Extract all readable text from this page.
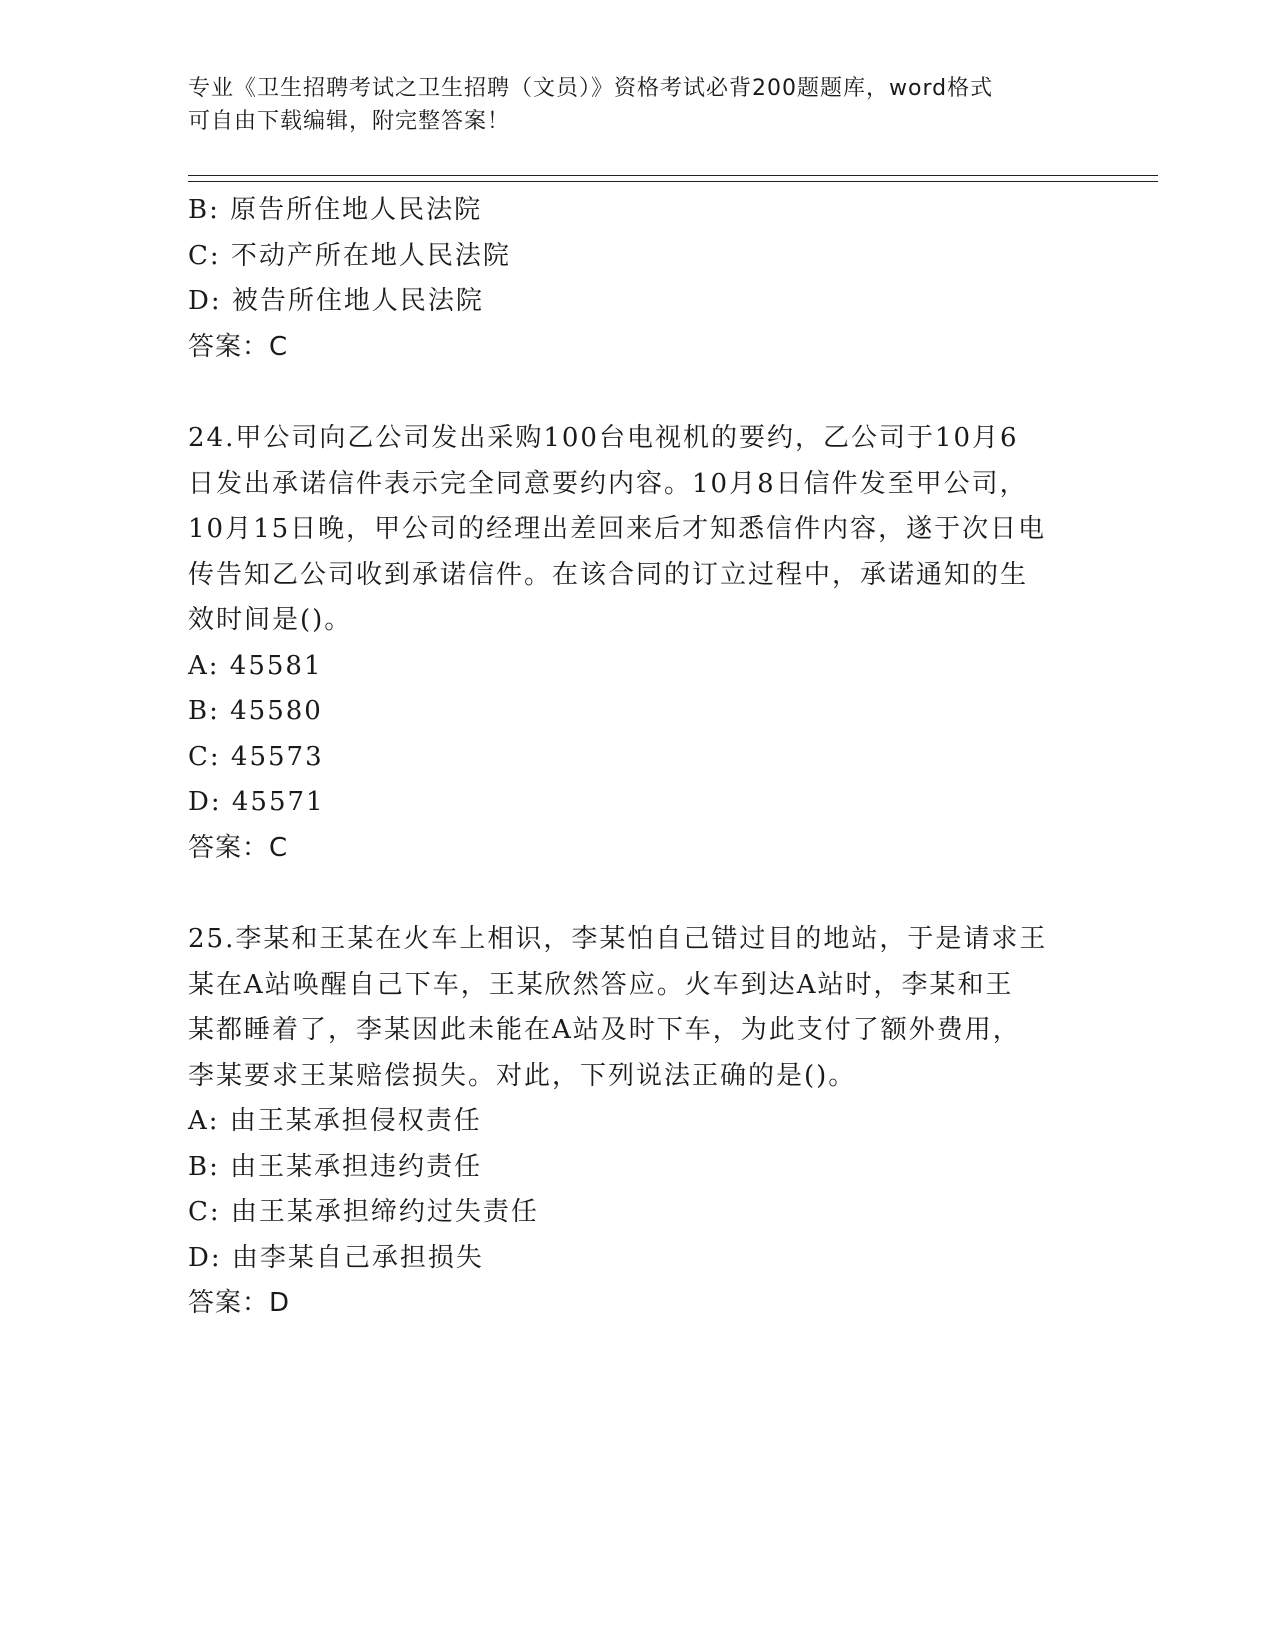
专业《卫生招聘考试之卫生招聘（文员）》资格考试必背200题题库，word格式
可自由下载编辑，附完整答案！
B: 原告所住地人民法院
C: 不动产所在地人民法院
D: 被告所住地人民法院
答案：C
24.甲公司向乙公司发出采购100台电视机的要约，乙公司于10月6
日发出承诺信件表示完全同意要约内容。10月8日信件发至甲公司，
10月15日晚，甲公司的经理出差回来后才知悉信件内容，遂于次日电
传告知乙公司收到承诺信件。在该合同的订立过程中，承诺通知的生
效时间是()。
A: 45581
B: 45580
C: 45573
D: 45571
答案：C
25.李某和王某在火车上相识，李某怕自己错过目的地站，于是请求王
某在A站唤醒自己下车，王某欣然答应。火车到达A站时，李某和王
某都睡着了，李某因此未能在A站及时下车，为此支付了额外费用，
李某要求王某赔偿损失。对此，下列说法正确的是()。
A: 由王某承担侵权责任
B: 由王某承担违约责任
C: 由王某承担缔约过失责任
D: 由李某自己承担损失
答案：D
